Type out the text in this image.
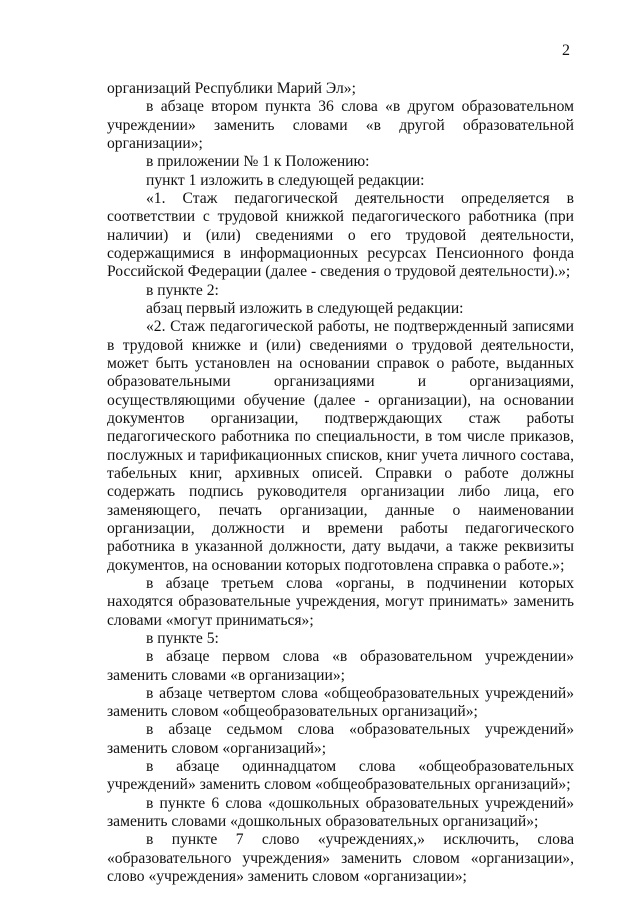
2

организаций Республики Марий Эл»;

в абзаце втором пункта 36 слова «в другом образовательном учреждении» заменить словами «в другой образовательной организации»;

в приложении № 1 к Положению:

пункт 1 изложить в следующей редакции:

«1. Стаж педагогической деятельности определяется в соответствии с трудовой книжкой педагогического работника (при наличии) и (или) сведениями о его трудовой деятельности, содержащимися в информационных ресурсах Пенсионного фонда Российской Федерации (далее - сведения о трудовой деятельности).»;

в пункте 2:

абзац первый изложить в следующей редакции:

«2. Стаж педагогической работы, не подтвержденный записями в трудовой книжке и (или) сведениями о трудовой деятельности, может быть установлен на основании справок о работе, выданных образовательными организациями и организациями, осуществляющими обучение (далее - организации), на основании документов организации, подтверждающих стаж работы педагогического работника по специальности, в том числе приказов, послужных и тарификационных списков, книг учета личного состава, табельных книг, архивных описей. Справки о работе должны содержать подпись руководителя организации либо лица, его заменяющего, печать организации, данные о наименовании организации, должности и времени работы педагогического работника в указанной должности, дату выдачи, а также реквизиты документов, на основании которых подготовлена справка о работе.»;

в абзаце третьем слова «органы, в подчинении которых находятся образовательные учреждения, могут принимать» заменить словами «могут приниматься»;

в пункте 5:

в абзаце первом слова «в образовательном учреждении» заменить словами «в организации»;

в абзаце четвертом слова «общеобразовательных учреждений» заменить словом «общеобразовательных организаций»;

в абзаце седьмом слова «образовательных учреждений» заменить словом «организаций»;

в абзаце одиннадцатом слова «общеобразовательных учреждений» заменить словом «общеобразовательных организаций»;

в пункте 6 слова «дошкольных образовательных учреждений» заменить словами «дошкольных образовательных организаций»;

в пункте 7 слово «учреждениях,» исключить, слова «образовательного учреждения» заменить словом «организации», слово «учреждения» заменить словом «организации»;
